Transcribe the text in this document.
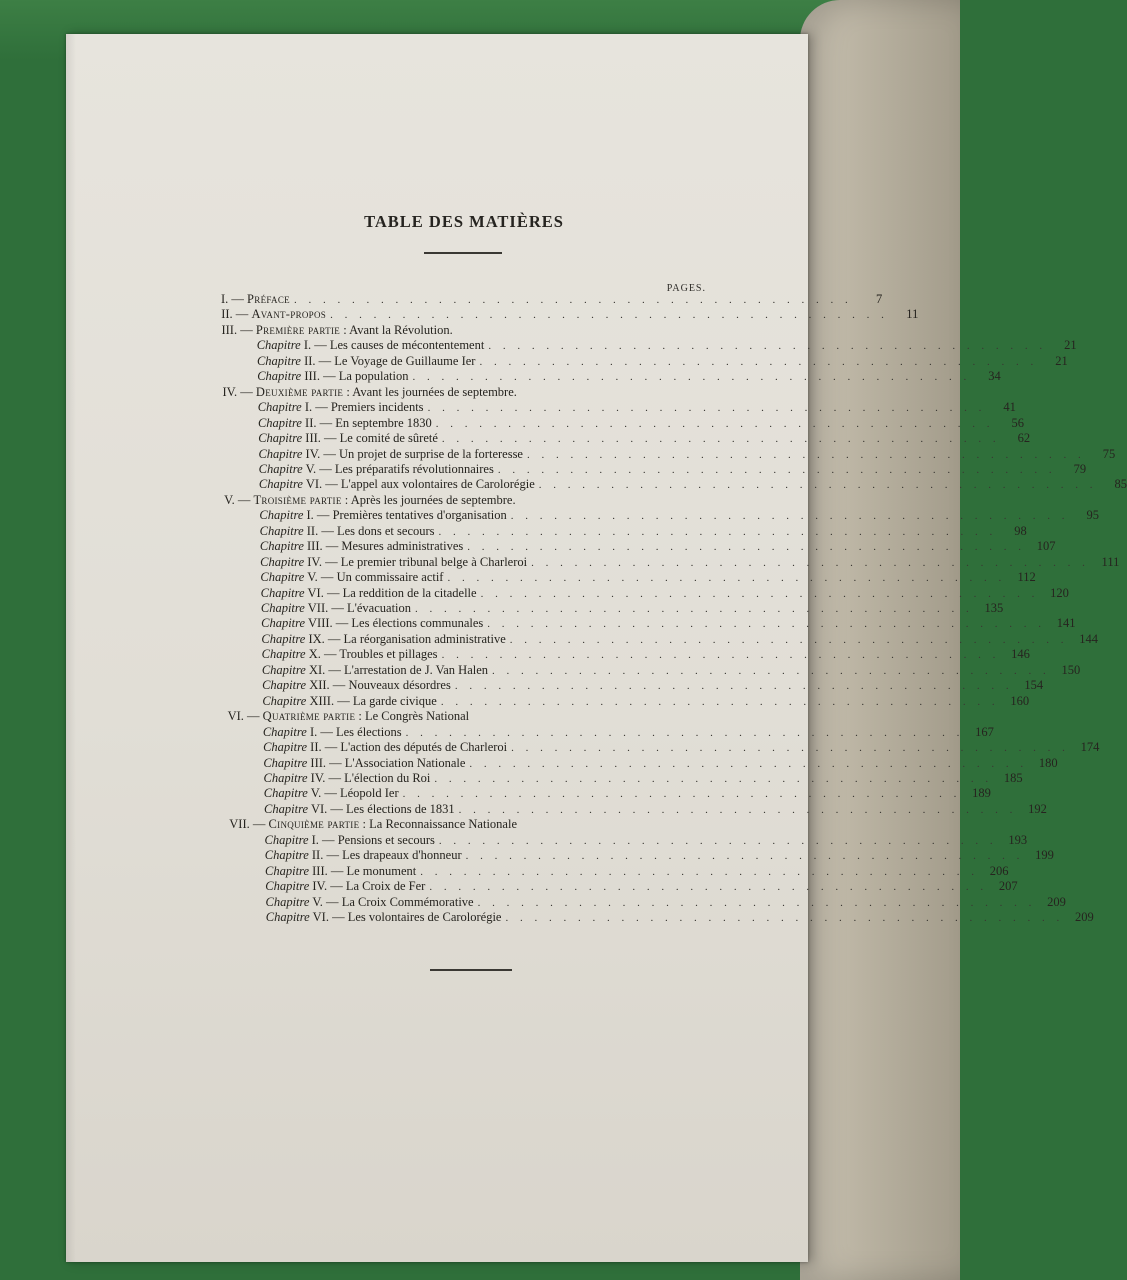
TABLE DES MATIÈRES
PAGES.
I. — Préface . . . . . . . . . . . . . . . . . . . . . . . . . . . . . . . . . . . . . . .	7
II. — Avant-propos . . . . . . . . . . . . . . . . . . . . . . . . . . . . . . . . . . . . . . .	11
III. — Première partie : Avant la Révolution.
Chapitre I. — Les causes de mécontentement . . . . . . . . . . . . . . . . . . . . . . . . . . . . . . . . . . . . . . .	21
Chapitre II. — Le Voyage de Guillaume Ier . . . . . . . . . . . . . . . . . . . . . . . . . . . . . . . . . . . . . . .	21
Chapitre III. — La population . . . . . . . . . . . . . . . . . . . . . . . . . . . . . . . . . . . . . . .	34
IV. — Deuxième partie : Avant les journées de septembre.
Chapitre I. — Premiers incidents . . . . . . . . . . . . . . . . . . . . . . . . . . . . . . . . . . . . . . .	41
Chapitre II. — En septembre 1830 . . . . . . . . . . . . . . . . . . . . . . . . . . . . . . . . . . . . . . .	56
Chapitre III. — Le comité de sûreté . . . . . . . . . . . . . . . . . . . . . . . . . . . . . . . . . . . . . . .	62
Chapitre IV. — Un projet de surprise de la forteresse . . . . . . . . . . . . . . . . . . . . . . . . . . . . . . . . . . . . . . .	75
Chapitre V. — Les préparatifs révolutionnaires . . . . . . . . . . . . . . . . . . . . . . . . . . . . . . . . . . . . . . .	79
Chapitre VI. — L'appel aux volontaires de Carolorégie . . . . . . . . . . . . . . . . . . . . . . . . . . . . . . . . . . . . . . .	85
V. — Troisième partie : Après les journées de septembre.
Chapitre I. — Premières tentatives d'organisation . . . . . . . . . . . . . . . . . . . . . . . . . . . . . . . . . . . . . . .	95
Chapitre II. — Les dons et secours . . . . . . . . . . . . . . . . . . . . . . . . . . . . . . . . . . . . . . .	98
Chapitre III. — Mesures administratives . . . . . . . . . . . . . . . . . . . . . . . . . . . . . . . . . . . . . . . 107
Chapitre IV. — Le premier tribunal belge à Charleroi . . . . . . . . . . . . . . . . . . . . . . . . . . . . . . . . . . . . . . . 111
Chapitre V. — Un commissaire actif . . . . . . . . . . . . . . . . . . . . . . . . . . . . . . . . . . . . . . . 112
Chapitre VI. — La reddition de la citadelle . . . . . . . . . . . . . . . . . . . . . . . . . . . . . . . . . . . . . . . 120
Chapitre VII. — L'évacuation . . . . . . . . . . . . . . . . . . . . . . . . . . . . . . . . . . . . . . . 135
Chapitre VIII. — Les élections communales . . . . . . . . . . . . . . . . . . . . . . . . . . . . . . . . . . . . . . . 141
Chapitre IX. — La réorganisation administrative . . . . . . . . . . . . . . . . . . . . . . . . . . . . . . . . . . . . . . . 144
Chapitre X. — Troubles et pillages . . . . . . . . . . . . . . . . . . . . . . . . . . . . . . . . . . . . . . . 146
Chapitre XI. — L'arrestation de J. Van Halen . . . . . . . . . . . . . . . . . . . . . . . . . . . . . . . . . . . . . . . 150
Chapitre XII. — Nouveaux désordres . . . . . . . . . . . . . . . . . . . . . . . . . . . . . . . . . . . . . . . 154
Chapitre XIII. — La garde civique . . . . . . . . . . . . . . . . . . . . . . . . . . . . . . . . . . . . . . . 160
VI. — Quatrième partie : Le Congrès National
Chapitre I. — Les élections . . . . . . . . . . . . . . . . . . . . . . . . . . . . . . . . . . . . . . . 167
Chapitre II. — L'action des députés de Charleroi . . . . . . . . . . . . . . . . . . . . . . . . . . . . . . . . . . . . . . . 174
Chapitre III. — L'Association Nationale . . . . . . . . . . . . . . . . . . . . . . . . . . . . . . . . . . . . . . . 180
Chapitre IV. — L'élection du Roi . . . . . . . . . . . . . . . . . . . . . . . . . . . . . . . . . . . . . . . 185
Chapitre V. — Léopold Ier . . . . . . . . . . . . . . . . . . . . . . . . . . . . . . . . . . . . . . . 189
Chapitre VI. — Les élections de 1831 . . . . . . . . . . . . . . . . . . . . . . . . . . . . . . . . . . . . . . . 192
VII. — Cinquième partie : La Reconnaissance Nationale
Chapitre I. — Pensions et secours . . . . . . . . . . . . . . . . . . . . . . . . . . . . . . . . . . . . . . . 193
Chapitre II. — Les drapeaux d'honneur . . . . . . . . . . . . . . . . . . . . . . . . . . . . . . . . . . . . . . . 199
Chapitre III. — Le monument . . . . . . . . . . . . . . . . . . . . . . . . . . . . . . . . . . . . . . . 206
Chapitre IV. — La Croix de Fer . . . . . . . . . . . . . . . . . . . . . . . . . . . . . . . . . . . . . . . 207
Chapitre V. — La Croix Commémorative . . . . . . . . . . . . . . . . . . . . . . . . . . . . . . . . . . . . . . . 209
Chapitre VI. — Les volontaires de Carolorégie . . . . . . . . . . . . . . . . . . . . . . . . . . . . . . . . . . . . . . . 209
